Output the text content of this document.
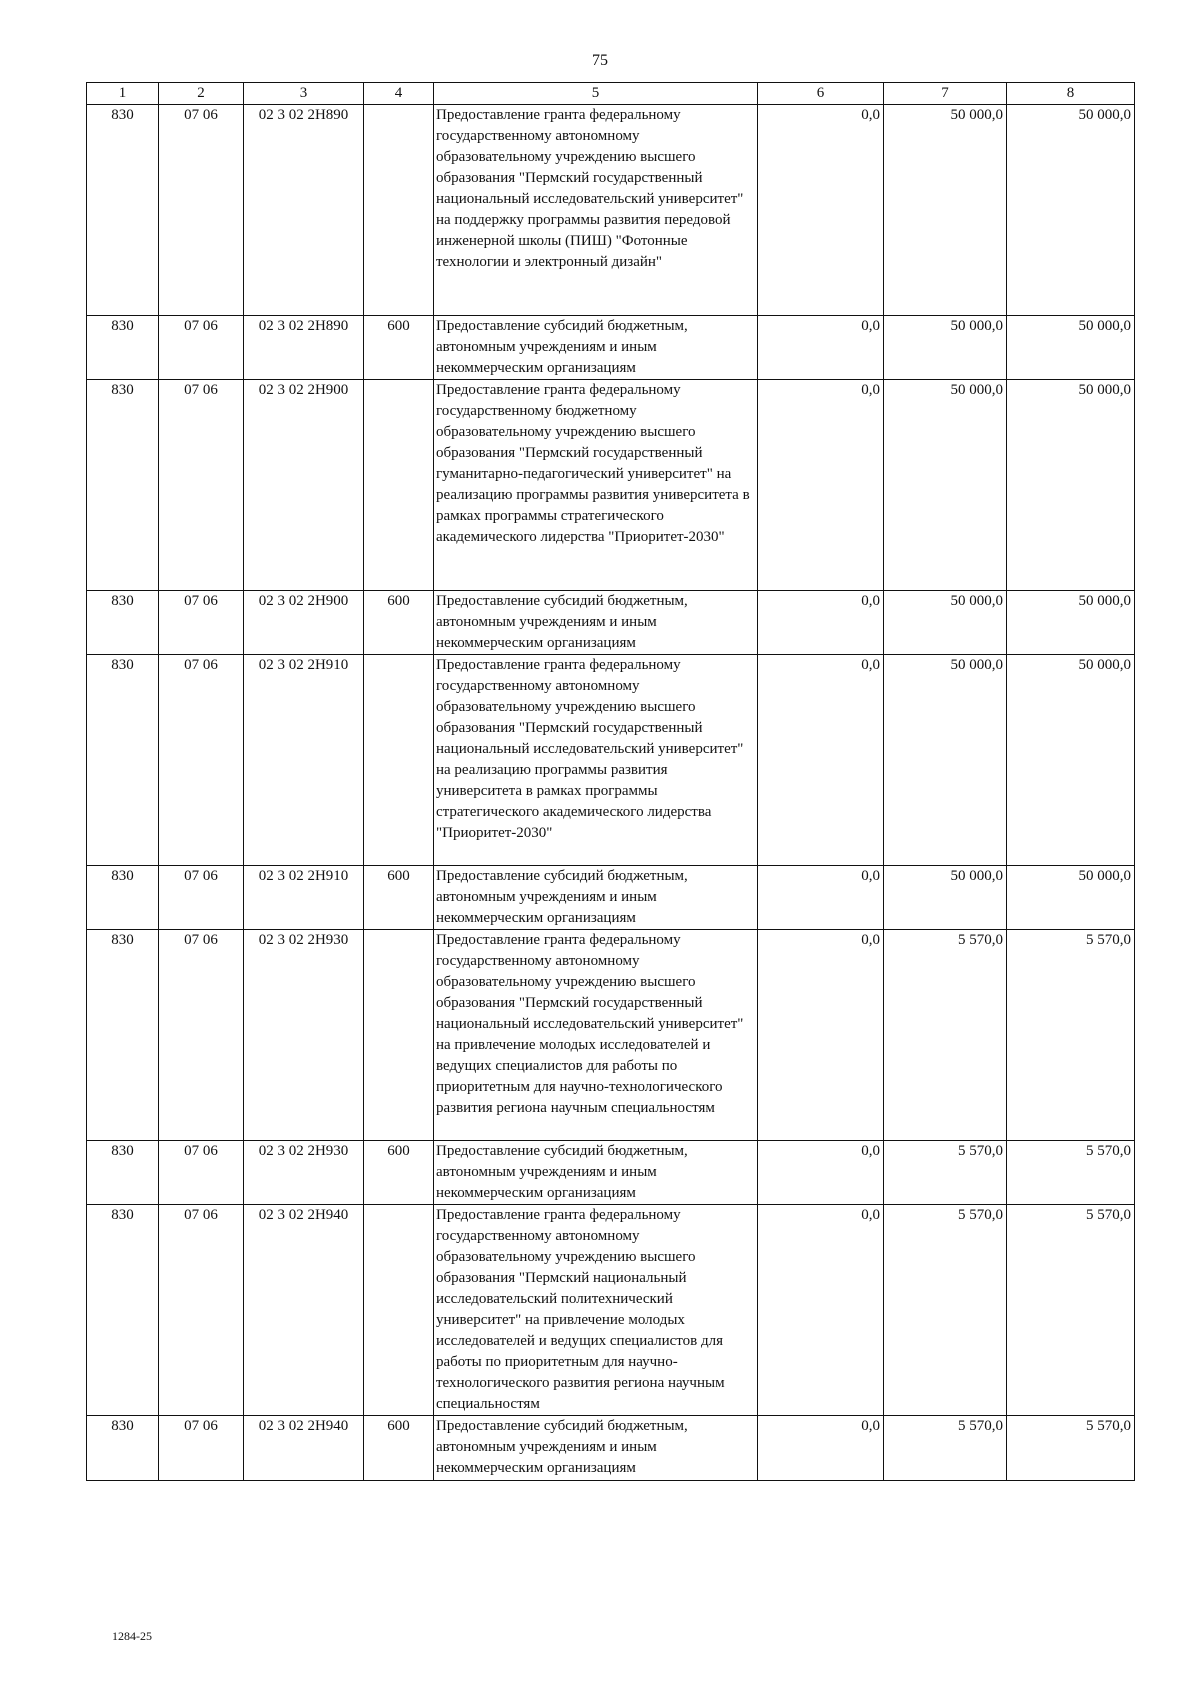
75
1	2	3	4	5	6	7	8
830	07 06	02 3 02 2Н890		Предоставление гранта федеральному государственному автономному образовательному учреждению высшего образования "Пермский государственный национальный исследовательский университет" на поддержку программы развития передовой инженерной школы (ПИШ) "Фотонные технологии и электронный дизайн"	0,0	50 000,0	50 000,0
830	07 06	02 3 02 2Н890	600	Предоставление субсидий бюджетным, автономным учреждениям и иным некоммерческим организациям	0,0	50 000,0	50 000,0
830	07 06	02 3 02 2Н900		Предоставление гранта федеральному государственному бюджетному образовательному учреждению высшего образования "Пермский государственный гуманитарно-педагогический университет" на реализацию программы развития университета в рамках программы стратегического академического лидерства "Приоритет-2030"	0,0	50 000,0	50 000,0
830	07 06	02 3 02 2Н900	600	Предоставление субсидий бюджетным, автономным учреждениям и иным некоммерческим организациям	0,0	50 000,0	50 000,0
830	07 06	02 3 02 2Н910		Предоставление гранта федеральному государственному автономному образовательному учреждению высшего образования "Пермский государственный национальный исследовательский университет" на реализацию программы развития университета в рамках программы стратегического академического лидерства "Приоритет-2030"	0,0	50 000,0	50 000,0
830	07 06	02 3 02 2Н910	600	Предоставление субсидий бюджетным, автономным учреждениям и иным некоммерческим организациям	0,0	50 000,0	50 000,0
830	07 06	02 3 02 2Н930		Предоставление гранта федеральному государственному автономному образовательному учреждению высшего образования "Пермский государственный национальный исследовательский университет" на привлечение молодых исследователей и ведущих специалистов для работы по приоритетным для научно-технологического развития региона научным специальностям	0,0	5 570,0	5 570,0
830	07 06	02 3 02 2Н930	600	Предоставление субсидий бюджетным, автономным учреждениям и иным некоммерческим организациям	0,0	5 570,0	5 570,0
830	07 06	02 3 02 2Н940		Предоставление гранта федеральному государственному автономному образовательному учреждению высшего образования "Пермский национальный исследовательский политехнический университет" на привлечение молодых исследователей и ведущих специалистов для работы по приоритетным для научно-технологического развития региона научным специальностям	0,0	5 570,0	5 570,0
830	07 06	02 3 02 2Н940	600	Предоставление субсидий бюджетным, автономным учреждениям и иным некоммерческим организациям	0,0	5 570,0	5 570,0
1284-25
